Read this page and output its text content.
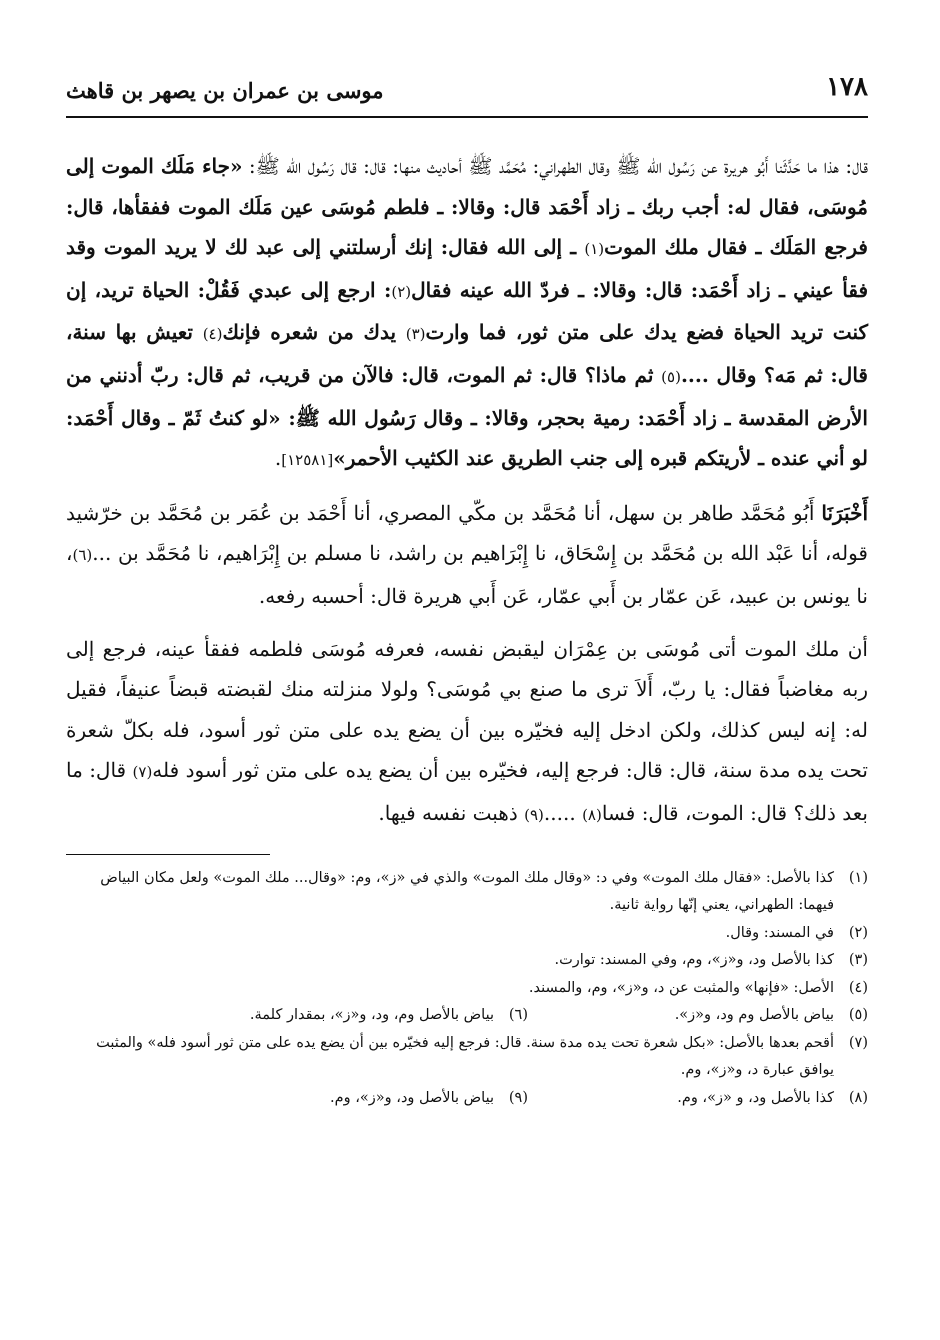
١٧٨
موسى بن عمران بن يصهر بن قاهث

قال: هذا ما حَدَّثَنا أَبُو هريرة عن رَسُول الله ﷺ وقال الطهراني: مُحَمَّد ﷺ أحاديث منها: قال: قال رَسُول الله ﷺ: «جاء مَلَك الموت إلى مُوسَى، فقال له: أجب ربك ـ زاد أَحْمَد قال: وقالا: ـ فلطم مُوسَى عين مَلَك الموت ففقأها، قال: فرجع المَلَك ـ فقال ملك الموت(١) ـ إلى الله فقال: إنك أرسلتني إلى عبد لك لا يريد الموت وقد فقأ عيني ـ زاد أَحْمَد: قال: وقالا: ـ فردّ الله عينه فقال(٢): ارجع إلى عبدي فَقُلْ: الحياة تريد، إن كنت تريد الحياة فضع يدك على متن ثور، فما وارت(٣) يدك من شعره فإنك(٤) تعيش بها سنة، قال: ثم مَه؟ وقال ....(٥) ثم ماذا؟ قال: ثم الموت، قال: فالآن من قريب، ثم قال: ربّ أدنني من الأرض المقدسة ـ زاد أَحْمَد: رمية بحجر، وقالا: ـ وقال رَسُول الله ﷺ: «لو كنتُ ثَمّ ـ وقال أَحْمَد: لو أني عنده ـ لأريتكم قبره إلى جنب الطريق عند الكثيب الأحمر»[١٢٥٨١].

أَخْبَرَنَا أَبُو مُحَمَّد طاهر بن سهل، أنا مُحَمَّد بن مكّي المصري، أنا أَحْمَد بن عُمَر بن مُحَمَّد بن خرّشيد قوله، أنا عَبْد الله بن مُحَمَّد بن إِسْحَاق، نا إِبْرَاهيم بن راشد، نا مسلم بن إِبْرَاهيم، نا مُحَمَّد بن ...(٦)، نا يونس بن عبيد، عَن عمّار بن أَبي عمّار، عَن أَبي هريرة قال: أحسبه رفعه.

أن ملك الموت أتى مُوسَى بن عِمْرَان ليقبض نفسه، فعرفه مُوسَى فلطمه ففقأ عينه، فرجع إلى ربه مغاضباً فقال: يا ربّ، أَلاَ ترى ما صنع بي مُوسَى؟ ولولا منزلته منك لقبضته قبضاً عنيفاً، فقيل له: إنه ليس كذلك، ولكن ادخل إليه فخيّره بين أن يضع يده على متن ثور أسود، فله بكلّ شعرة تحت يده مدة سنة، قال: قال: فرجع إليه، فخيّره بين أن يضع يده على متن ثور أسود فله(٧) قال: ما بعد ذلك؟ قال: الموت، قال: فسا(٨) .....(٩) ذهبت نفسه فيها.

(١)
كذا بالأصل: «فقال ملك الموت» وفي د: «وقال ملك الموت» والذي في «ز»، وم: «وقال... ملك الموت» ولعل مكان البياض فيهما: الطهراني، يعني إنّها رواية ثانية.
(٢)
في المسند: وقال.
(٣)
كذا بالأصل ود، و«ز»، وم، وفي المسند: توارت.
(٤)
الأصل: «فإنها» والمثبت عن د، و«ز»، وم، والمسند.
(٥)
بياض بالأصل وم ود، و«ز».
(٦)
بياض بالأصل وم، ود، و«ز»، بمقدار كلمة.
(٧)
أقحم بعدها بالأصل: «بكل شعرة تحت يده مدة سنة. قال: فرجع إليه فخيّره بين أن يضع يده على متن ثور أسود فله» والمثبت يوافق عبارة د، و«ز»، وم.
(٨)
كذا بالأصل ود، و «ز»، وم.
(٩)
بياض بالأصل ود، و«ز»، وم.
